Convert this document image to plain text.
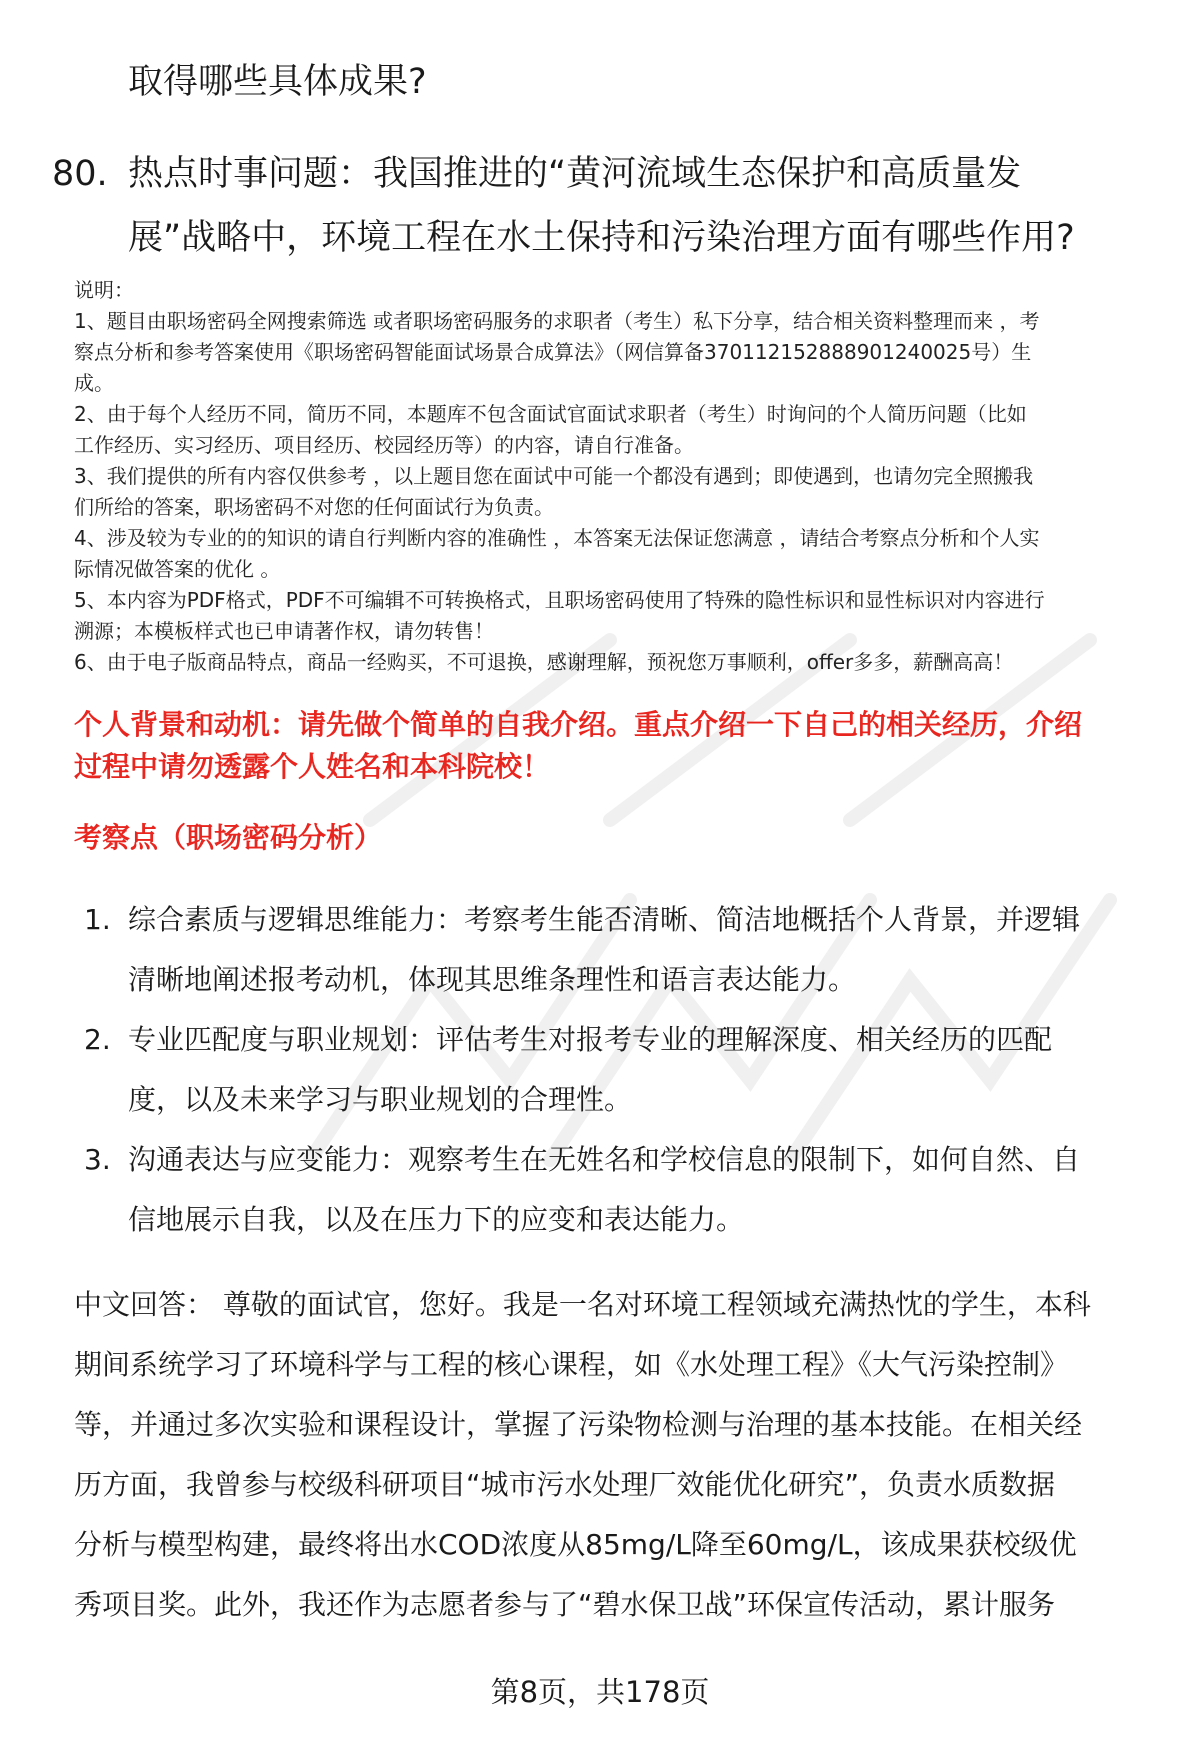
取得哪些具体成果?
80. 热点时事问题：我国推进的“黄河流域生态保护和高质量发
展”战略中，环境工程在水土保持和污染治理方面有哪些作用?

说明：

1、题目由职场密码全网搜索筛选 或者职场密码服务的求职者（考生）私下分享，结合相关资料整理而来 ，考

察点分析和参考答案使用《职场密码智能面试场景合成算法》（网信算备370112152888901240025号）生

成。

2、由于每个人经历不同，简历不同，本题库不包含面试官面试求职者（考生）时询问的个人简历问题（比如

工作经历、实习经历、项目经历、校园经历等）的内容，请自行准备。

3、我们提供的所有内容仅供参考 ，以上题目您在面试中可能一个都没有遇到；即使遇到，也请勿完全照搬我

们所给的答案，职场密码不对您的任何面试行为负责。

4、涉及较为专业的的知识的请自行判断内容的准确性 ，本答案无法保证您满意 ，请结合考察点分析和个人实

际情况做答案的优化 。

5、本内容为PDF格式，PDF不可编辑不可转换格式，且职场密码使用了特殊的隐性标识和显性标识对内容进行

溯源；本模板样式也已申请著作权，请勿转售！

6、由于电子版商品特点，商品一经购买，不可退换，感谢理解，预祝您万事顺利，offer多多，薪酬高高！

个人背景和动机：请先做个简单的自我介绍。重点介绍一下自己的相关经历，介绍
过程中请勿透露个人姓名和本科院校！
考察点（职场密码分析）
1. 综合素质与逻辑思维能力：考察考生能否清晰、简洁地概括个人背景，并逻辑
清晰地阐述报考动机，体现其思维条理性和语言表达能力。
2. 专业匹配度与职业规划：评估考生对报考专业的理解深度、相关经历的匹配
度，以及未来学习与职业规划的合理性。
3. 沟通表达与应变能力：观察考生在无姓名和学校信息的限制下，如何自然、自
信地展示自我，以及在压力下的应变和表达能力。
中文回答： 尊敬的面试官，您好。我是一名对环境工程领域充满热忱的学生，本科
期间系统学习了环境科学与工程的核心课程，如《水处理工程》《大气污染控制》
等，并通过多次实验和课程设计，掌握了污染物检测与治理的基本技能。在相关经
历方面，我曾参与校级科研项目“城市污水处理厂效能优化研究”，负责水质数据
分析与模型构建，最终将出水COD浓度从85mg/L降至60mg/L，该成果获校级优
秀项目奖。此外，我还作为志愿者参与了“碧水保卫战”环保宣传活动，累计服务
第8页，共178页
